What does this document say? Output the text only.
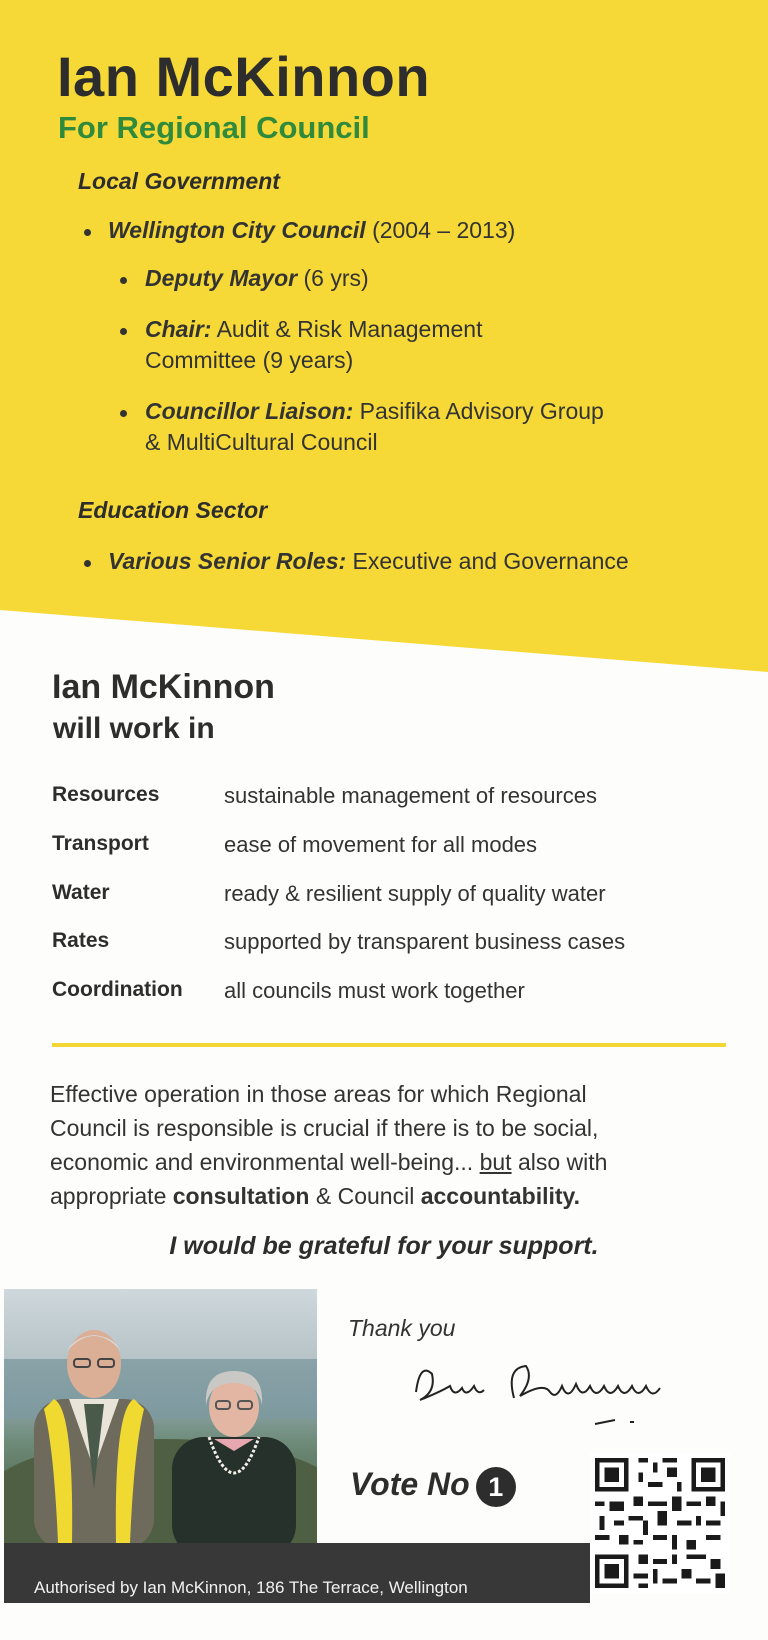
Ian McKinnon
For Regional Council
Local Government
Wellington City Council (2004 – 2013)
Deputy Mayor (6 yrs)
Chair: Audit & Risk Management
Committee (9 years)
Councillor Liaison: Pasifika Advisory Group
& MultiCultural Council
Education Sector
Various Senior Roles: Executive and Governance
Ian McKinnon
will work in
Resources	sustainable management of resources
Transport	ease of movement for all modes
Water	ready & resilient supply of quality water
Rates	supported by transparent business cases
Coordination all councils must work together
Effective operation in those areas for which Regional
Council is responsible is crucial if there is to be social,
economic and environmental well-being... but also with
appropriate consultation & Council accountability.
I would be grateful for your support.
Thank you
Vote No 1
Authorised by Ian McKinnon, 186 The Terrace, Wellington
